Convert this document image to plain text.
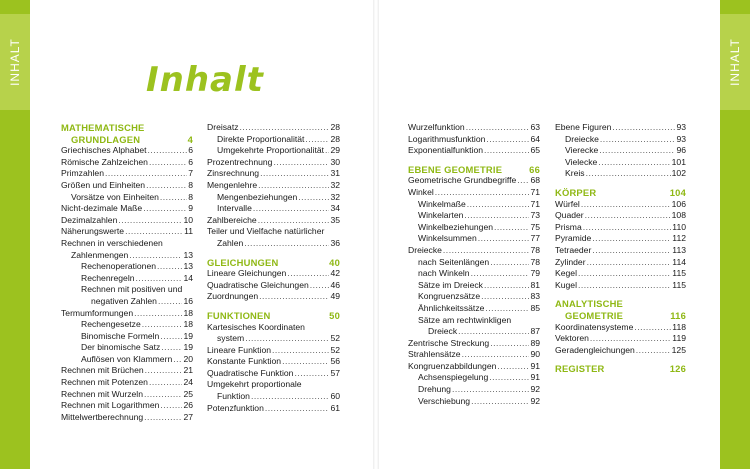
INHALT	INHALT
Inhalt
MATHEMATISCHE
GRUNDLAGEN	4
Griechisches Alphabet .....	6
Römische Zahlzeichen .....	6
Primzahlen .....	7
Größen und Einheiten .....	8
Vorsätze von Einheiten .....	8
Nicht-dezimale Maße .....	9
Dezimalzahlen .....	10
Näherungswerte .....	11
Rechnen in verschiedenen
Zahlenmengen .....	13
Rechenoperationen .....	13
Rechenregeln .....	14
Rechnen mit positiven und
negativen Zahlen .....	16
Termumformungen .....	18
Rechengesetze .....	18
Binomische Formeln .....	19
Der binomische Satz .....	19
Auflösen von Klammern ..... 20
Rechnen mit Brüchen .....	21
Rechnen mit Potenzen .....	24
Rechnen mit Wurzeln .....	25
Rechnen mit Logarithmen .....	26
Mittelwertberechnung .....	27
Dreisatz .....	28
Direkte Proportionalität .....	28
Umgekehrte Proportionalität ..... 29
Prozentrechnung .....	30
Zinsrechnung .....	31
Mengenlehre .....	32
Mengenbeziehungen .....	32
Intervalle .....	34
Zahlbereiche .....	35
Teiler und Vielfache natürlicher
Zahlen .....	36
GLEICHUNGEN	40
Lineare Gleichungen .....	42
Quadratische Gleichungen .....	46
Zuordnungen .....	49
FUNKTIONEN	50
Kartesisches Koordinaten
system .....	52
Lineare Funktion .....	52
Konstante Funktion .....	56
Quadratische Funktion .....	57
Umgekehrt proportionale
Funktion .....	60
Potenzfunktion .....	61
Wurzelfunktion .....	63
Logarithmusfunktion .....	64
Exponentialfunktion .....	65
EBENE GEOMETRIE	66
Geometrische Grundbegriffe ..... 68
Winkel .....	71
Winkelmaße .....	71
Winkelarten .....	73
Winkelbeziehungen .....	75
Winkelsummen .....	77
Dreiecke .....	78
nach Seitenlängen .....	78
nach Winkeln .....	79
Sätze im Dreieck .....	81
Kongruenzsätze .....	83
Ähnlichkeitssätze .....	85
Sätze am rechtwinkligen
Dreieck .....	87
Zentrische Streckung .....	89
Strahlensätze .....	90
Kongruenzabbildungen .....	91
Achsenspiegelung .....	91
Drehung .....	92
Verschiebung .....	92
Ebene Figuren .....	93
Dreiecke .....	93
Vierecke .....	96
Vielecke .....	101
Kreis .....	102
KÖRPER	104
Würfel .....	106
Quader .....	108
Prisma .....	110
Pyramide .....	112
Tetraeder .....	113
Zylinder .....	114
Kegel .....	115
Kugel .....	115
ANALYTISCHE
GEOMETRIE	116
Koordinatensysteme .....	118
Vektoren .....	119
Geradengleichungen .....	125
REGISTER	126
